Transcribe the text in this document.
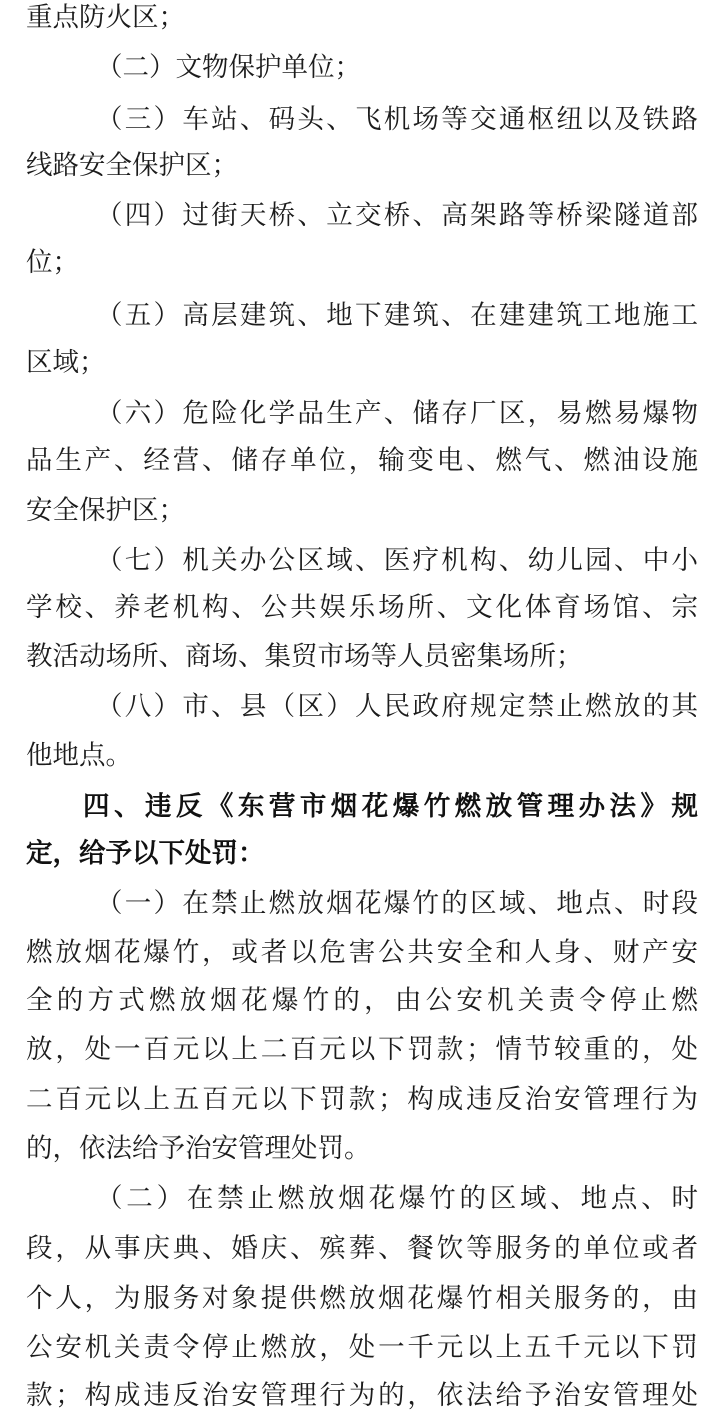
重点防火区；
（二）文物保护单位；
（三）车站、码头、飞机场等交通枢纽以及铁路
线路安全保护区；
（四）过街天桥、立交桥、高架路等桥梁隧道部
位；
（五）高层建筑、地下建筑、在建建筑工地施工
区域；
（六）危险化学品生产、储存厂区，易燃易爆物
品生产、经营、储存单位，输变电、燃气、燃油设施
安全保护区；
（七）机关办公区域、医疗机构、幼儿园、中小
学校、养老机构、公共娱乐场所、文化体育场馆、宗
教活动场所、商场、集贸市场等人员密集场所；
（八）市、县（区）人民政府规定禁止燃放的其
他地点。
四、违反《东营市烟花爆竹燃放管理办法》规
定，给予以下处罚：
（一）在禁止燃放烟花爆竹的区域、地点、时段
燃放烟花爆竹，或者以危害公共安全和人身、财产安
全的方式燃放烟花爆竹的，由公安机关责令停止燃
放，处一百元以上二百元以下罚款；情节较重的，处
二百元以上五百元以下罚款；构成违反治安管理行为
的，依法给予治安管理处罚。
（二）在禁止燃放烟花爆竹的区域、地点、时
段，从事庆典、婚庆、殡葬、餐饮等服务的单位或者
个人，为服务对象提供燃放烟花爆竹相关服务的，由
公安机关责令停止燃放，处一千元以上五千元以下罚
款；构成违反治安管理行为的，依法给予治安管理处
